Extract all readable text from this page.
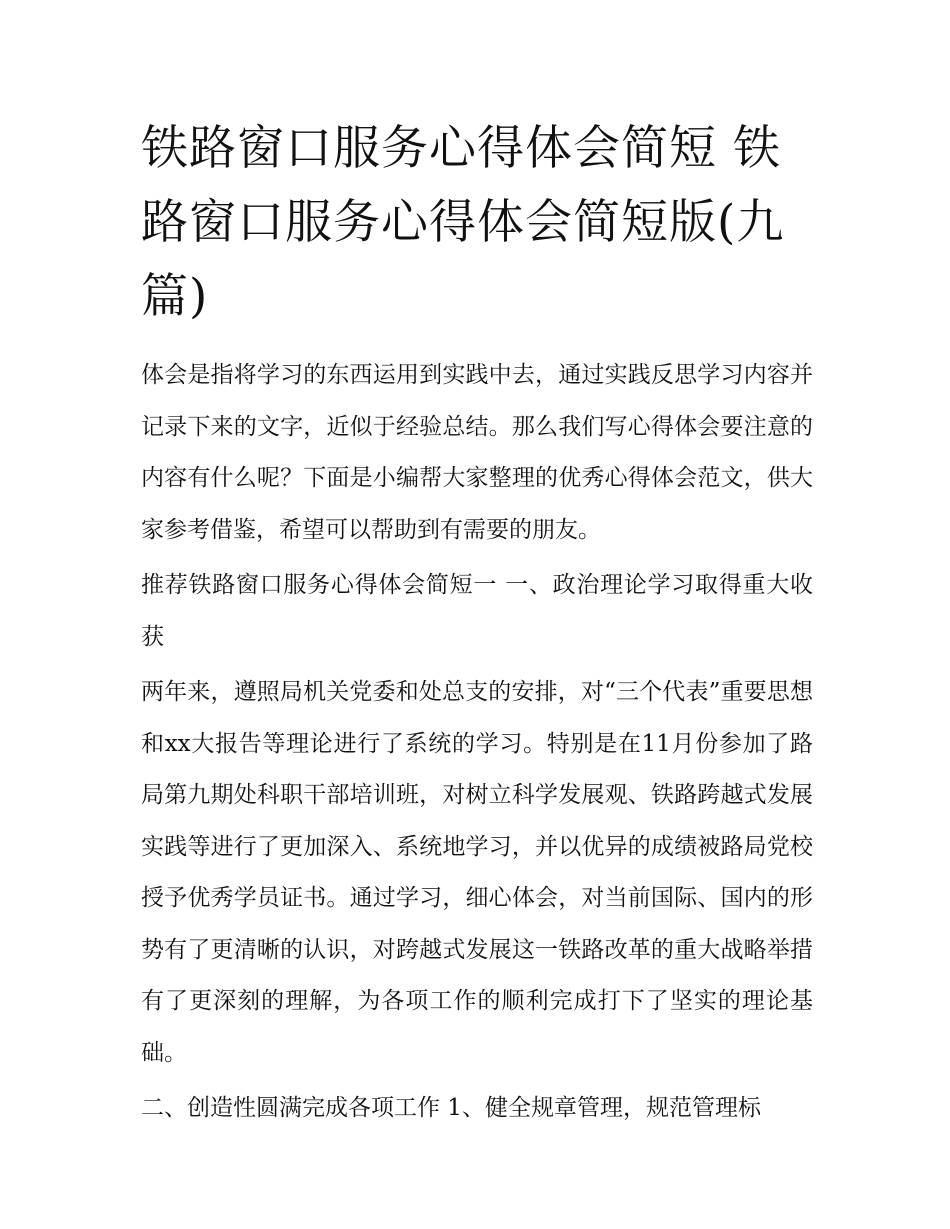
铁路窗口服务心得体会简短 铁路窗口服务心得体会简短版(九篇)

体会是指将学习的东西运用到实践中去，通过实践反思学习内容并记录下来的文字，近似于经验总结。那么我们写心得体会要注意的内容有什么呢？下面是小编帮大家整理的优秀心得体会范文，供大家参考借鉴，希望可以帮助到有需要的朋友。

推荐铁路窗口服务心得体会简短一 一、政治理论学习取得重大收获

两年来，遵照局机关党委和处总支的安排，对“三个代表”重要思想和xx大报告等理论进行了系统的学习。特别是在11月份参加了路局第九期处科职干部培训班，对树立科学发展观、铁路跨越式发展实践等进行了更加深入、系统地学习，并以优异的成绩被路局党校授予优秀学员证书。通过学习，细心体会，对当前国际、国内的形势有了更清晰的认识，对跨越式发展这一铁路改革的重大战略举措有了更深刻的理解，为各项工作的顺利完成打下了坚实的理论基础。

二、创造性圆满完成各项工作 1、健全规章管理，规范管理标
